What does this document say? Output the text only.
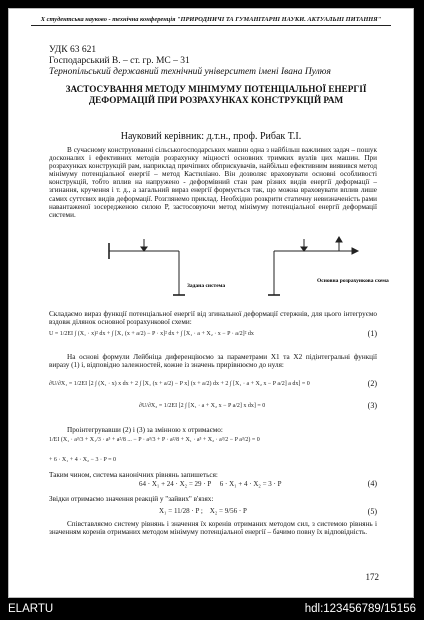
X студентська науково - технічна конференція "ПРИРОДНИЧІ ТА ГУМАНІТАРНІ НАУКИ. АКТУАЛЬНІ ПИТАННЯ"
УДК 63 621
Господарський В. – ст. гр. МС – 31
Тернопільський державний технічний університет імені Івана Пулюя
ЗАСТОСУВАННЯ МЕТОДУ МІНІМУМУ ПОТЕНЦІАЛЬНОЇ ЕНЕРГІЇ ДЕФОРМАЦІЙ ПРИ РОЗРАХУНКАХ КОНСТРУКЦІЙ РАМ
Науковий керівник: д.т.н., проф. Рибак Т.І.
В сучасному конструюванні сільськогосподарських машин одна з найбільш важливих задач – пошук досконалих і ефективних методів розрахунку міцності основних тримких вузлів цих машин. При розрахунках конструкцій рам, наприклад причіпних обприскувачів, найбільш ефективним виявився метод мінімуму потенціальної енергії – метод Кастиліано. Він дозволяє враховувати основні особливості конструкцій, тобто вплив на напружено - деформівний стан рам різних видів енергії деформації – згинання, кручення і т. д., а загальний вираз енергії формується так, що можна враховувати вплив лише самих суттєвих видів деформації. Розглянемо приклад. Необхідно розкрити статичну невизначеність рами навантаженої зосередженою силою P, застосовуючи метод мінімуму потенціальної енергії деформації системи.
Задана система
Основна розрахункова схема
Складаємо вираз функції потенціальної енергії від згинальної деформації стержнів, для цього інтегруємо вздовж ділянок основної розрахункової схеми:
U = 1/2EI ∫ (X₁ · x)² dx + ∫ [X₁ (x + a/2) − P · x]² dx + ∫ [X₁ · a + X₂ · x − P · a/2]² dx	(1)
На основі формули Лейбніца диференціюємо за параметрами X1 та X2 підінтегральні функції виразу (1) і, відповідно залежностей, кожне із значень прирівнюємо до нуля:
∂U/∂X₁ = 1/2EI [2 ∫ (X₁ · x) x dx + 2 ∫ [X₁ (x + a/2) − P x] (x + a/2) dx + 2 ∫ [X₁ · a + X₂ x − P a/2] a dx] = 0	(2)
∂U/∂X₂ = 1/2EI [2 ∫ [X₁ · a + X₂ x − P a/2] x dx] = 0	(3)
Проінтегрувавши (2) і (3) за змінною x отримаємо:
1/EI (X₁ · a³/3 + X₁/3 · a³ + a²/8 ... − P · a³/3 + P · a²/8 + X₁ · a³ + X₂ · a³/2 − P a³/2) = 0
+ 6 · X₁ + 4 · X₂ − 3 · P = 0
Таким чином, система канонічних рівнянь запишеться:
64 · X₁ + 24 · X₂ = 29 · P     6 · X₁ + 4 · X₂ = 3 · P	(4)
Звідки отримаємо значення реакцій у "зайвих" в'язях:
X₁ = 11/28 · P ;    X₂ = 9/56 · P	(5)
Співставляємо систему рівнянь і значення їх коренів отриманих методом сил, з системою рівнянь і значенням коренів отриманих методом мінімуму потенціальної енергії – бачимо повну їх відповідність.
172
ELARTU	hdl:123456789/15156
